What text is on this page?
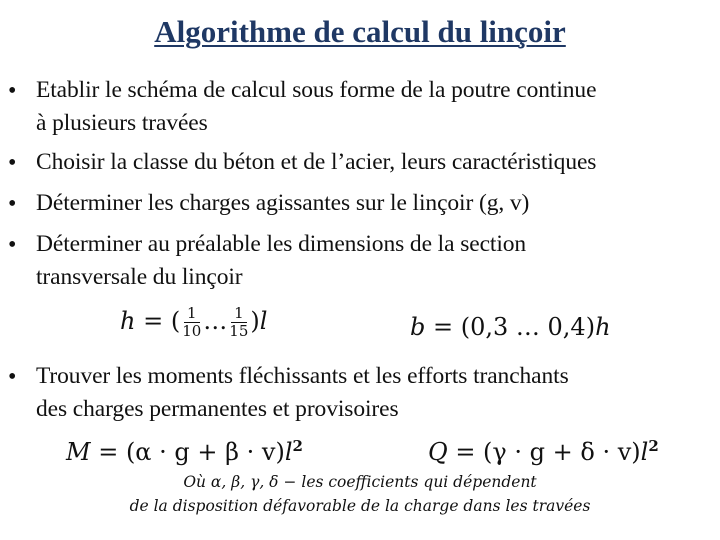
Algorithme de calcul du linçoir
• Etablir le schéma de calcul sous forme de la poutre continue
à plusieurs travées
• Choisir la classe du béton et de l’acier, leurs caractéristiques
• Déterminer les charges agissantes sur le linçoir (g, v)
• Déterminer au préalable les dimensions de la section
transversale du linçoir
h = ( $\frac{1}{10}$ … $\frac{1}{15} )l$	b = (0,3 … 0,4)h
• Trouver les moments fléchissants et les efforts tranchants
des charges permanentes et provisoires
$M = (\alpha \cdot g + \beta \cdot v)l^2$	$Q = (\gamma \cdot g + \delta \cdot v)l^2$
Où α, β, γ, δ − les coefficients qui dépendent
de la disposition défavorable de la charge dans les travées
